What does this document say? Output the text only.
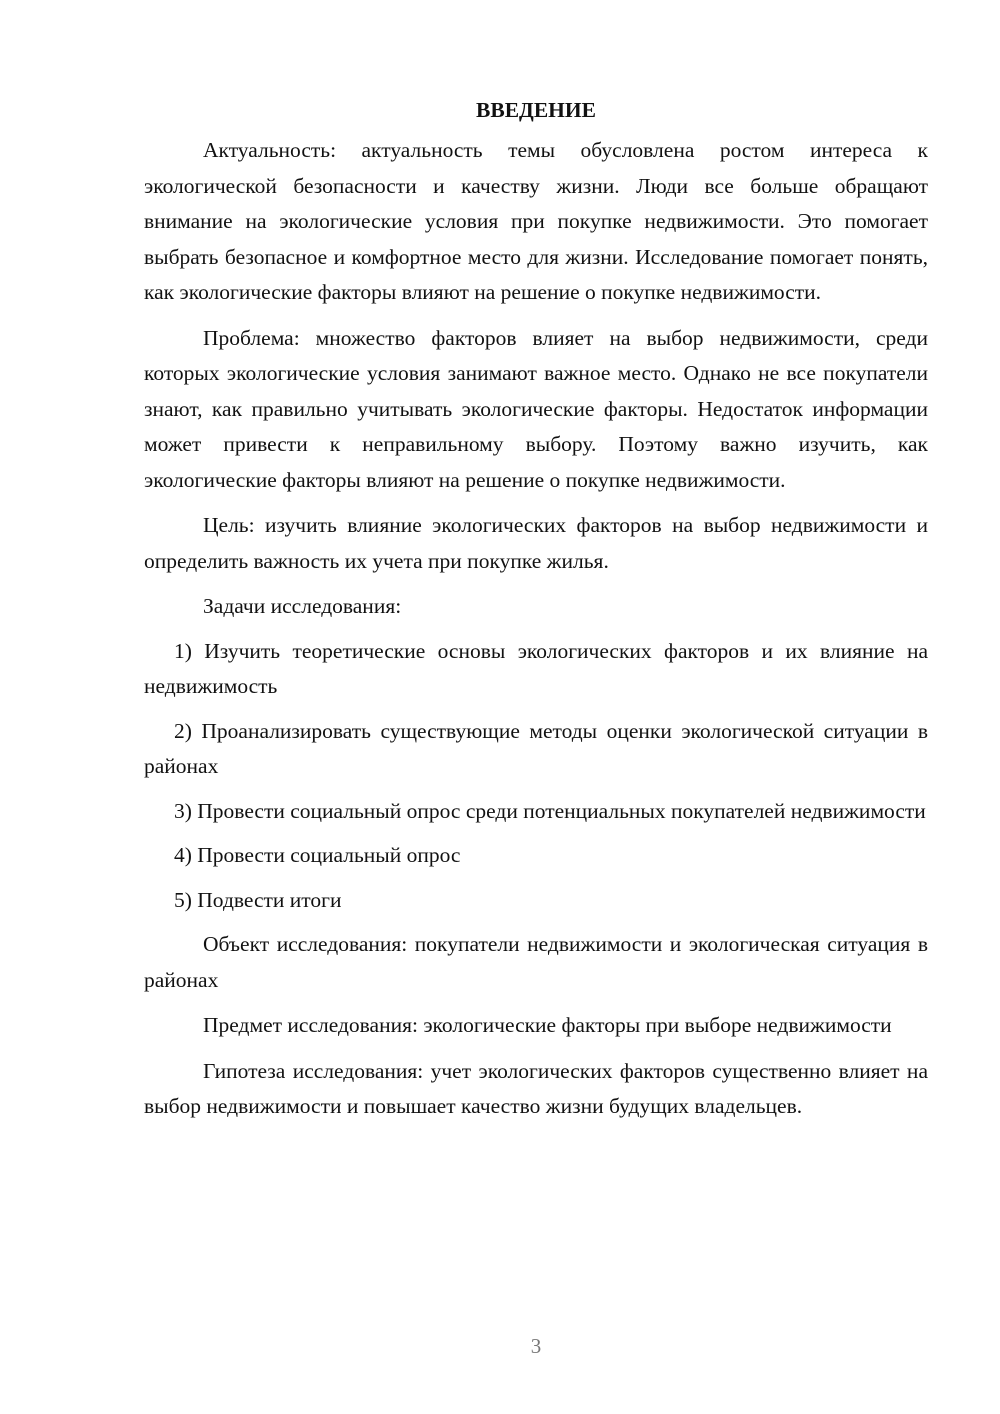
ВВЕДЕНИЕ

Актуальность: актуальность темы обусловлена ростом интереса к экологической безопасности и качеству жизни. Люди все больше обращают внимание на экологические условия при покупке недвижимости. Это помогает выбрать безопасное и комфортное место для жизни. Исследование помогает понять, как экологические факторы влияют на решение о покупке недвижимости.

Проблема: множество факторов влияет на выбор недвижимости, среди которых экологические условия занимают важное место. Однако не все покупатели знают, как правильно учитывать экологические факторы. Недостаток информации может привести к неправильному выбору. Поэтому важно изучить, как экологические факторы влияют на решение о покупке недвижимости.

Цель: изучить влияние экологических факторов на выбор недвижимости и определить важность их учета при покупке жилья.

Задачи исследования:

1) Изучить теоретические основы экологических факторов и их влияние на недвижимость

2) Проанализировать существующие методы оценки экологической ситуации в районах

3) Провести социальный опрос среди потенциальных покупателей недвижимости

4) Провести социальный опрос

5) Подвести итоги

Объект исследования: покупатели недвижимости и экологическая ситуация в районах

Предмет исследования: экологические факторы при выборе недвижимости

Гипотеза исследования: учет экологических факторов существенно влияет на выбор недвижимости и повышает качество жизни будущих владельцев.

3
